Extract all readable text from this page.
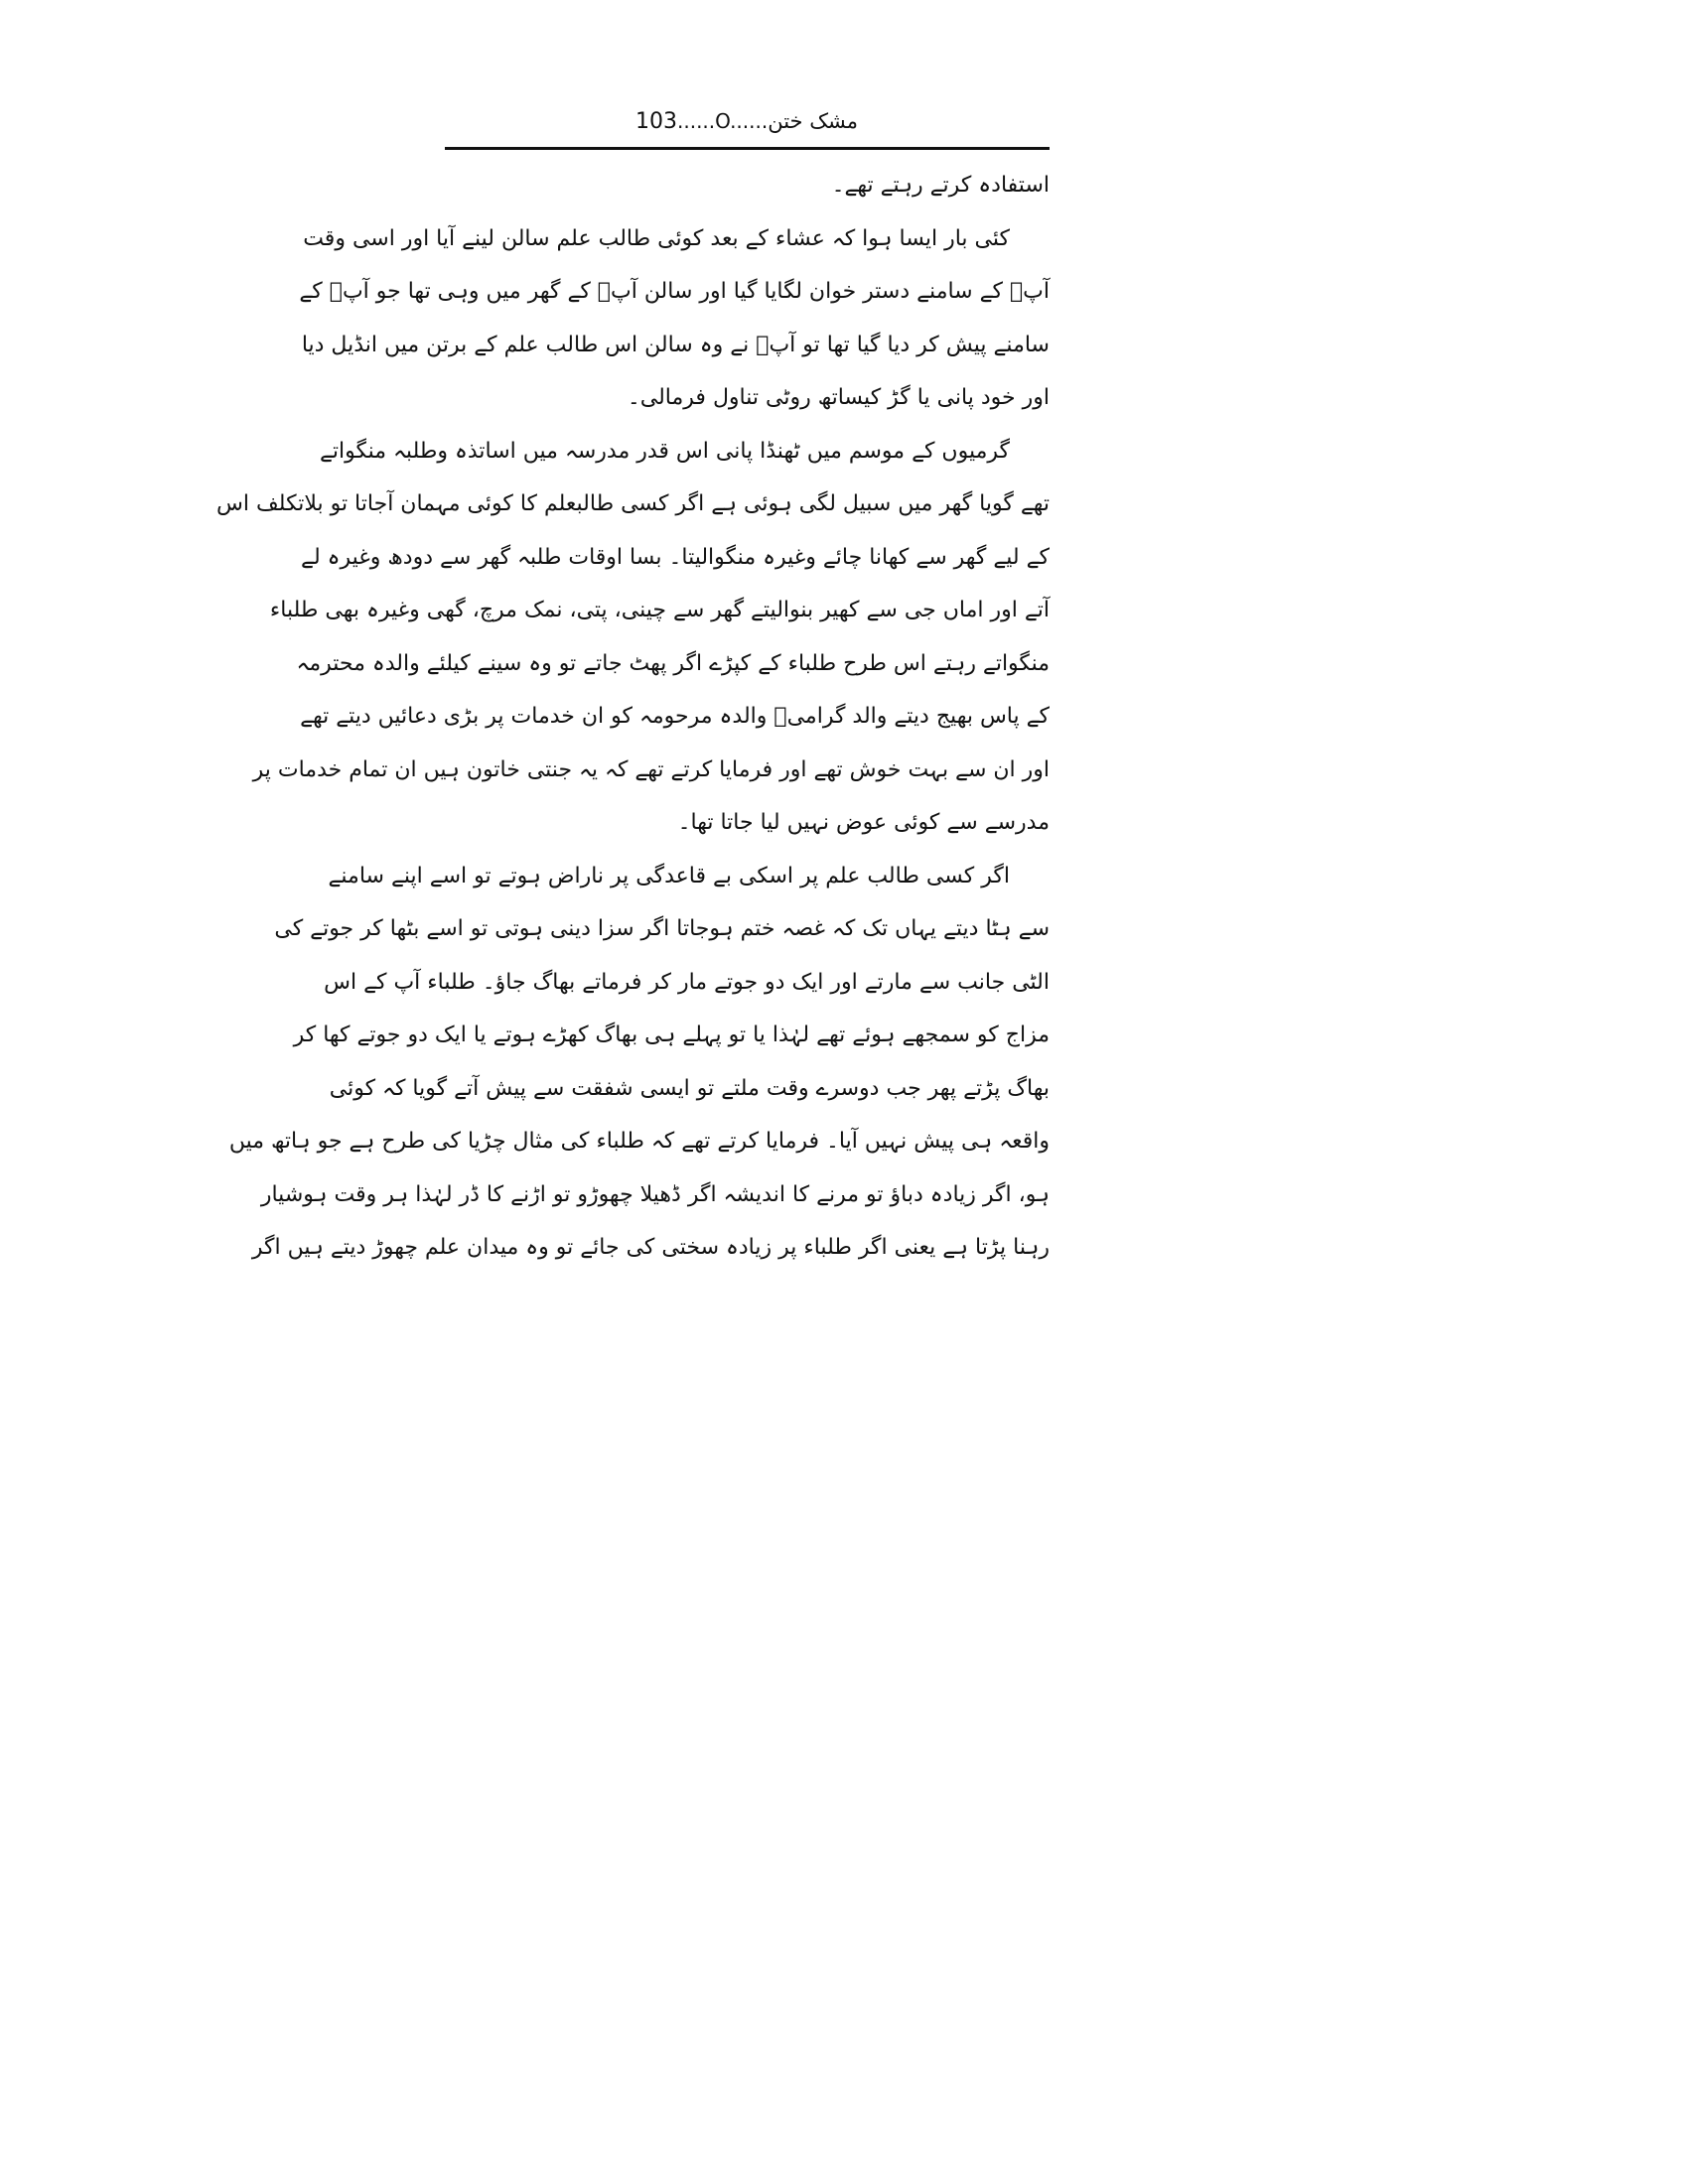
مشک ختن
......O......
103
استفادہ کرتے رہتے تھے۔
کئی بار ایسا ہوا کہ عشاء کے بعد کوئی طالب علم سالن لینے آیا اور اسی وقت
آپؒ کے سامنے دستر خوان لگایا گیا اور سالن آپؒ کے گھر میں وہی تھا جو آپؒ کے
سامنے پیش کر دیا گیا تھا تو آپؒ نے وہ سالن اس طالب علم کے برتن میں انڈیل دیا
اور خود پانی یا گڑ کیساتھ روٹی تناول فرمالی۔
گرمیوں کے موسم میں ٹھنڈا پانی اس قدر مدرسہ میں اساتذہ وطلبہ منگواتے
تھے گویا گھر میں سبیل لگی ہوئی ہے اگر کسی طالبعلم کا کوئی مہمان آجاتا تو بلاتکلف اس
کے لیے گھر سے کھانا چائے وغیرہ منگوالیتا۔ بسا اوقات طلبہ گھر سے دودھ وغیرہ لے
آتے اور اماں جی سے کھیر بنوالیتے گھر سے چینی، پتی، نمک مرچ، گھی وغیرہ بھی طلباء
منگواتے رہتے اس طرح طلباء کے کپڑے اگر پھٹ جاتے تو وہ سینے کیلئے والدہ محترمہ
کے پاس بھیج دیتے والد گرامیؒ والدہ مرحومہ کو ان خدمات پر بڑی دعائیں دیتے تھے
اور ان سے بہت خوش تھے اور فرمایا کرتے تھے کہ یہ جنتی خاتون ہیں ان تمام خدمات پر
مدرسے سے کوئی عوض نہیں لیا جاتا تھا۔
اگر کسی طالب علم پر اسکی بے قاعدگی پر ناراض ہوتے تو اسے اپنے سامنے
سے ہٹا دیتے یہاں تک کہ غصہ ختم ہوجاتا اگر سزا دینی ہوتی تو اسے بٹھا کر جوتے کی
الٹی جانب سے مارتے اور ایک دو جوتے مار کر فرماتے بھاگ جاؤ۔ طلباء آپ کے اس
مزاج کو سمجھے ہوئے تھے لہٰذا یا تو پہلے ہی بھاگ کھڑے ہوتے یا ایک دو جوتے کھا کر
بھاگ پڑتے پھر جب دوسرے وقت ملتے تو ایسی شفقت سے پیش آتے گویا کہ کوئی
واقعہ ہی پیش نہیں آیا۔ فرمایا کرتے تھے کہ طلباء کی مثال چڑیا کی طرح ہے جو ہاتھ میں
ہو، اگر زیادہ دباؤ تو مرنے کا اندیشہ اگر ڈھیلا چھوڑو تو اڑنے کا ڈر لہٰذا ہر وقت ہوشیار
رہنا پڑتا ہے یعنی اگر طلباء پر زیادہ سختی کی جائے تو وہ میدان علم چھوڑ دیتے ہیں اگر
